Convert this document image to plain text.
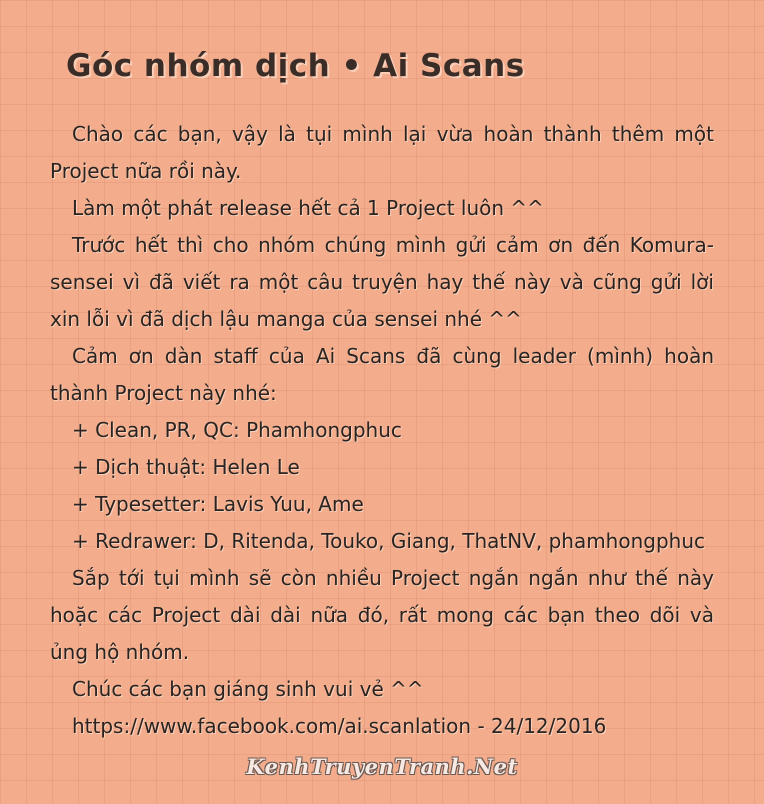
Góc nhóm dịch • Ai Scans

Chào các bạn, vậy là tụi mình lại vừa hoàn thành thêm một Project nữa rồi này.

Làm một phát release hết cả 1 Project luôn ^^

Trước hết thì cho nhóm chúng mình gửi cảm ơn đến Komura-sensei vì đã viết ra một câu truyện hay thế này và cũng gửi lời xin lỗi vì đã dịch lậu manga của sensei nhé ^^

Cảm ơn dàn staff của Ai Scans đã cùng leader (mình) hoàn thành Project này nhé:

+ Clean, PR, QC: Phamhongphuc
+ Dịch thuật: Helen Le
+ Typesetter: Lavis Yuu, Ame
+ Redrawer: D, Ritenda, Touko, Giang, ThatNV, phamhongphuc

Sắp tới tụi mình sẽ còn nhiều Project ngắn ngắn như thế này hoặc các Project dài dài nữa đó, rất mong các bạn theo dõi và ủng hộ nhóm.

Chúc các bạn giáng sinh vui vẻ ^^

https://www.facebook.com/ai.scanlation - 24/12/2016

KenhTruyenTranh.Net
